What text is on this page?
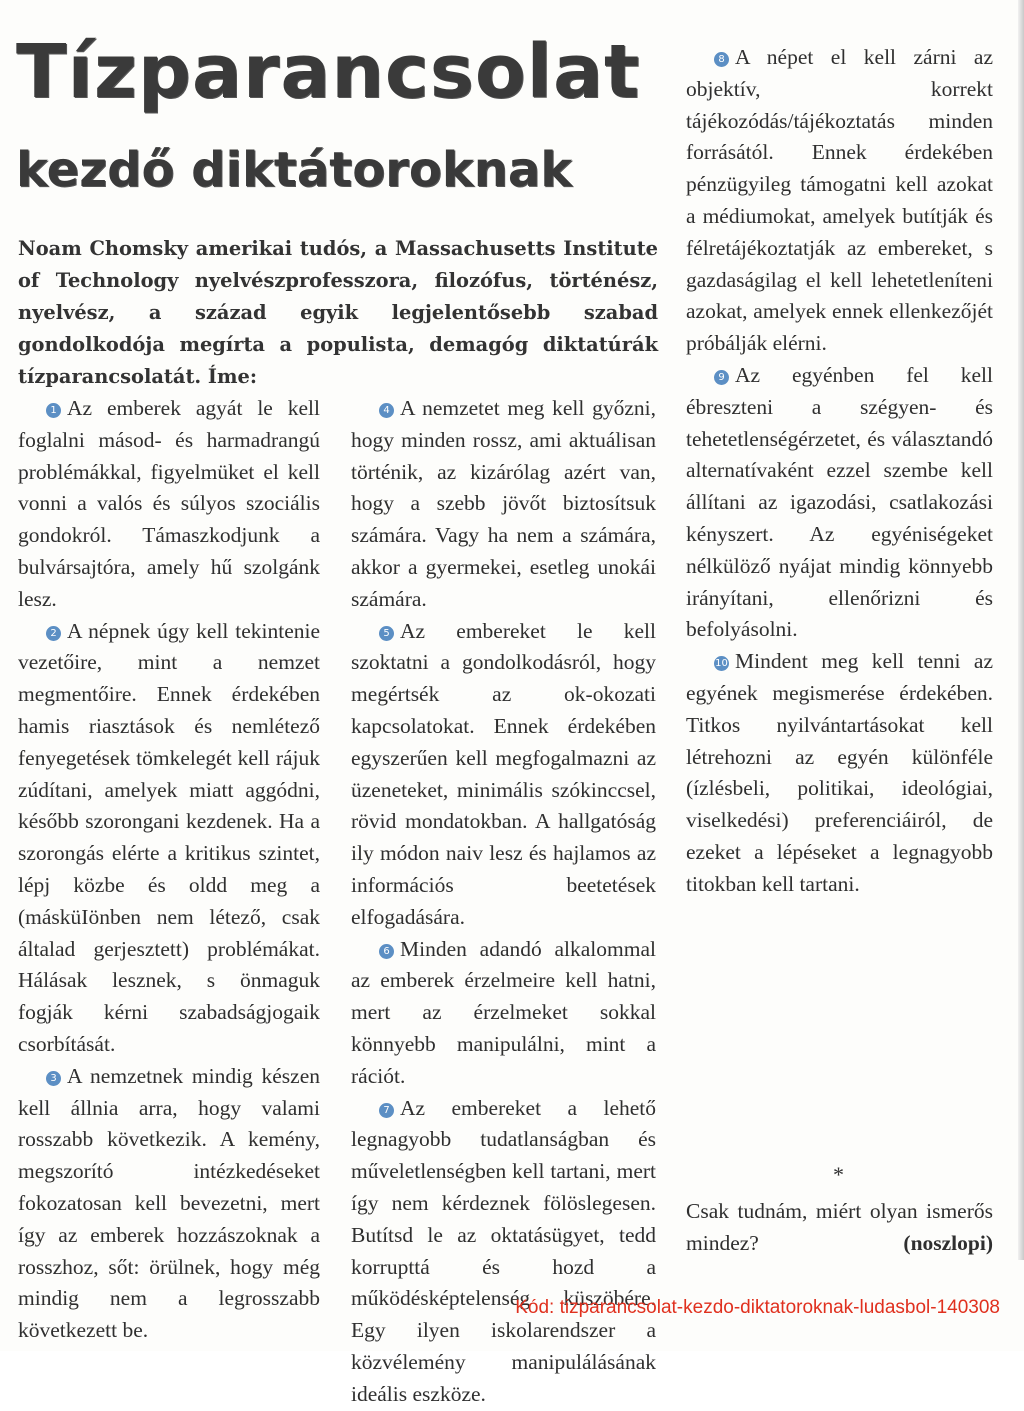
Tízparancsolat
kezdő diktátoroknak
Noam Chomsky amerikai tudós, a Massachusetts Institute of Technology nyelvészprofesszora, filozófus, történész, nyelvész, a század egyik legjelentősebb szabad gondolkodója megírta a populista, demagóg diktatúrák tízparancsolatát. Íme:

1 Az emberek agyát le kell foglalni másod- és harmadrangú problémákkal, figyelmüket el kell vonni a valós és súlyos szociális gondokról. Támaszkodjunk a bulvársajtóra, amely hű szolgánk lesz.

2 A népnek úgy kell tekintenie vezetőire, mint a nemzet megmentőire. Ennek érdekében hamis riasztások és nemlétező fenyegetések tömkelegét kell rájuk zúdítani, amelyek miatt aggódni, később szorongani kezdenek. Ha a szorongás elérte a kritikus szintet, lépj közbe és oldd meg a (másküIönben nem létező, csak általad gerjesztett) problémákat. Hálásak lesznek, s önmaguk fogják kérni szabadságjogaik csorbítását.

3 A nemzetnek mindig készen kell állnia arra, hogy valami rosszabb következik. A kemény, megszorító intézkedéseket fokozatosan kell bevezetni, mert így az emberek hozzászoknak a rosszhoz, sőt: örülnek, hogy még mindig nem a legrosszabb következett be.

4 A nemzetet meg kell győzni, hogy minden rossz, ami aktuálisan történik, az kizárólag azért van, hogy a szebb jövőt biztosítsuk számára. Vagy ha nem a számára, akkor a gyermekei, esetleg unokái számára.

5 Az embereket le kell szoktatni a gondolkodásról, hogy megértsék az ok-okozati kapcsolatokat. Ennek érdekében egyszerűen kell megfogalmazni az üzeneteket, minimális szókinccsel, rövid mondatokban. A hallgatóság ily módon naiv lesz és hajlamos az információs beetetések elfogadására.

6 Minden adandó alkalommal az emberek érzelmeire kell hatni, mert az érzelmeket sokkal könnyebb manipulálni, mint a rációt.

7 Az embereket a lehető legnagyobb tudatlanságban és műveletlenségben kell tartani, mert így nem kérdeznek fölöslegesen. Butítsd le az oktatásügyet, tedd korrupttá és hozd a működésképtelenség küszöbére. Egy ilyen iskolarendszer a közvélemény manipulálásának ideális eszköze.

8 A népet el kell zárni az objektív, korrekt tájékozódás/tájékoztatás minden forrásától. Ennek érdekében pénzügyileg támogatni kell azokat a médiumokat, amelyek butítják és félretájékoztatják az embereket, s gazdaságilag el kell lehetetleníteni azokat, amelyek ennek ellenkezőjét próbálják elérni.

9 Az egyénben fel kell ébreszteni a szégyen- és tehetetlenségérzetet, és választandó alternatívaként ezzel szembe kell állítani az igazodási, csatlakozási kényszert. Az egyéniségeket nélkülöző nyájat mindig könnyebb irányítani, ellenőrizni és befolyásolni.

10 Mindent meg kell tenni az egyének megismerése érdekében. Titkos nyilvántartásokat kell létrehozni az egyén különféle (ízlésbeli, politikai, ideológiai, viselkedési) preferenciáiról, de ezeket a lépéseket a legnagyobb titokban kell tartani.

*
Csak tudnám, miért olyan ismerős mindez?	(noszlopi)
Kód: tizparancsolat-kezdo-diktatoroknak-ludasbol-140308
